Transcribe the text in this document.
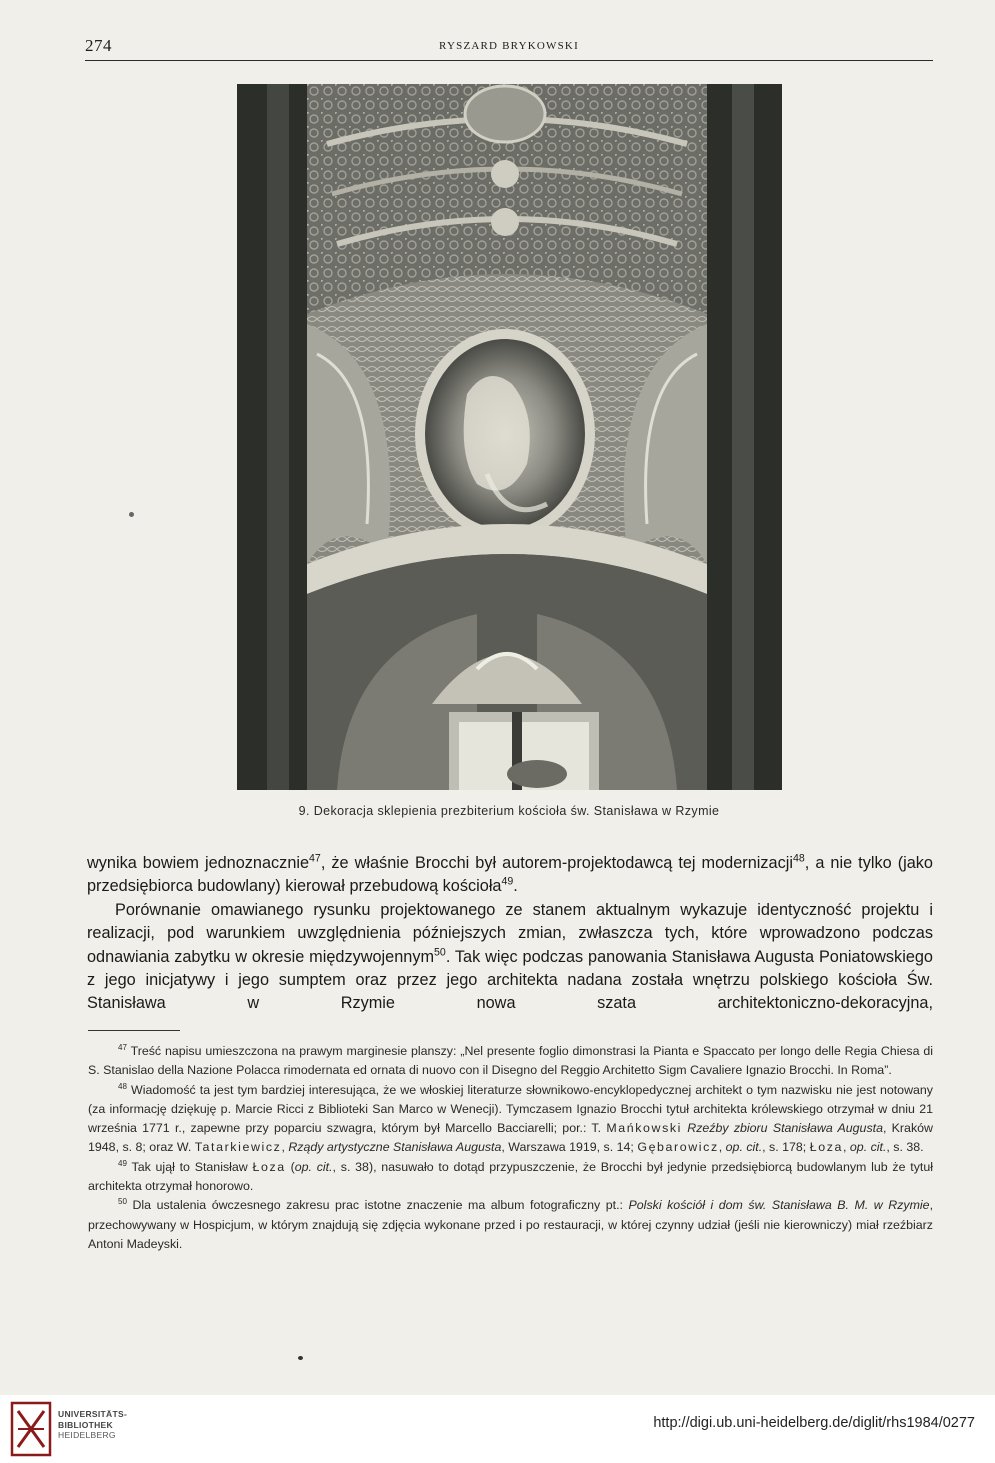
274	RYSZARD BRYKOWSKI
9. Dekoracja sklepienia prezbiterium kościoła św. Stanisława w Rzymie

wynika bowiem jednoznacznie$^{47}$, że właśnie Brocchi był autorem-projektodawcą tej modernizacji$^{48}$, a nie tylko (jako przedsiębiorca budowlany) kierował przebudową kościoła$^{49}$.

Porównanie omawianego rysunku projektowanego ze stanem aktualnym wykazuje identyczność projektu i realizacji, pod warunkiem uwzględnienia późniejszych zmian, zwłaszcza tych, które wprowadzono podczas odnawiania zabytku w okresie międzywojennym$^{50}$. Tak więc podczas panowania Stanisława Augusta Poniatowskiego z jego inicjatywy i jego sumptem oraz przez jego architekta nadana została wnętrzu polskiego kościoła Św. Stanisława w Rzymie nowa szata architektoniczno-dekoracyjna,

$^{47}$ Treść napisu umieszczona na prawym marginesie planszy: „Nel presente foglio dimonstrasi la Pianta e Spaccato per longo delle Regia Chiesa di S. Stanislao della Nazione Polacca rimodernata ed ornata di nuovo con il Disegno del Reggio Architetto Sigm Cavaliere Ignazio Brocchi. In Roma”.

$^{48}$ Wiadomość ta jest tym bardziej interesująca, że we włoskiej literaturze słownikowo-encyklopedycznej architekt o tym nazwisku nie jest notowany (za informację dziękuję p. Marcie Ricci z Biblioteki San Marco w Wenecji). Tymczasem Ignazio Brocchi tytuł architekta królewskiego otrzymał w dniu 21 września 1771 r., zapewne przy poparciu szwagra, którym był Marcello Bacciarelli; por.: T. Mańkowski Rzeźby zbioru Stanisława Augusta, Kraków 1948, s. 8; oraz W. Tatarkiewicz, Rządy artystyczne Stanisława Augusta, Warszawa 1919, s. 14; Gębarowicz, op. cit., s. 178; Łoza, op. cit., s. 38.

$^{49}$ Tak ujął to Stanisław Łoza (op. cit., s. 38), nasuwało to dotąd przypuszczenie, że Brocchi był jedynie przedsiębiorcą budowlanym lub że tytuł architekta otrzymał honorowo.

$^{50}$ Dla ustalenia ówczesnego zakresu prac istotne znaczenie ma album fotograficzny pt.: Polski kościół i dom św. Stanisława B. M. w Rzymie, przechowywany w Hospicjum, w którym znajdują się zdjęcia wykonane przed i po restauracji, w której czynny udział (jeśli nie kierowniczy) miał rzeźbiarz Antoni Madeyski.

UNIVERSITÄTS-
BIBLIOTHEK
HEIDELBERG
http://digi.ub.uni-heidelberg.de/diglit/rhs1984/0277
